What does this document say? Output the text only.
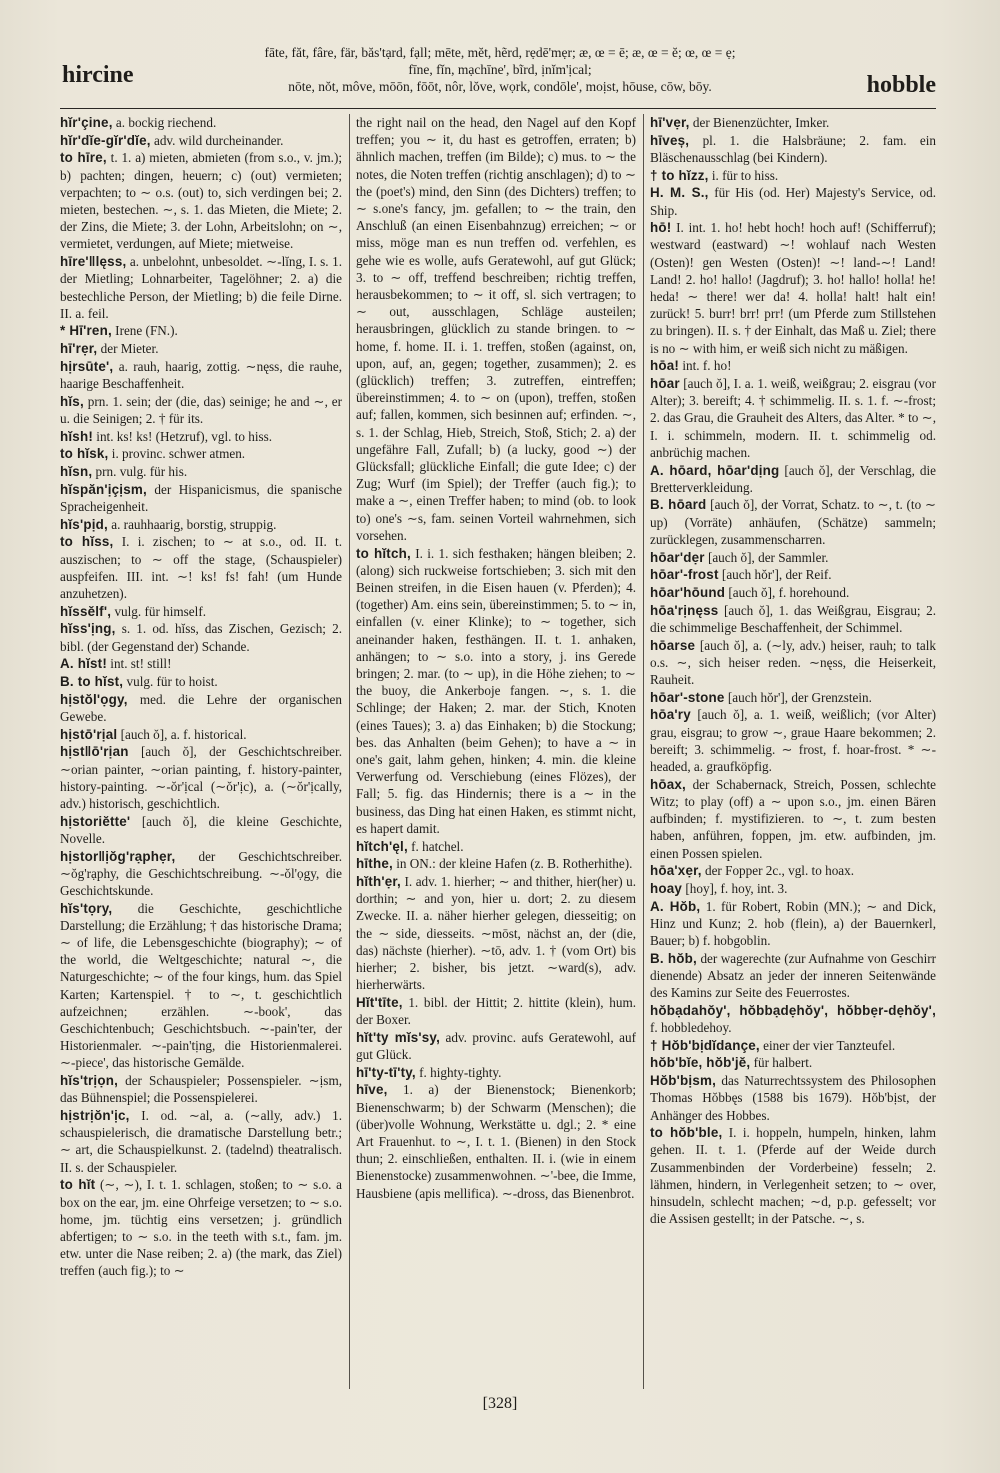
hircine
fāte, făt, fâre, fär, băs'tạrd, fạll; mēte, mĕt, hẽrd, rẹdē'mẹr; æ, œ = ē; æ, œ = ĕ; œ, œ = ẹ;
fīne, fĭn, mạchīne', bĩrd, ịnĭm'ịcal;
nōte, nŏt, môve, mōōn, fōōt, nôr, lŏve, wọrk, condōle', moịst, hōuse, cōw, bōy.	hobble
hĭr'çine, a. bockig riechend.
hĭr'dĭe-gĭr'dĭe, adv. wild durcheinander.
to hīre, t. 1. a) mieten, abmieten (from s.o., v. jm.); b) pachten; dingen, heuern; c) (out) vermieten; verpachten; to ∼ o.s. (out) to, sich verdingen bei; 2. mieten, bestechen. ∼, s. 1. das Mieten, die Miete; 2. der Zins, die Miete; 3. der Lohn, Arbeitslohn; on ∼, vermietet, verdungen, auf Miete; mietweise.
hīre'‖lęss, a. unbelohnt, unbesoldet. ∼-lĭng, I. s. 1. der Mietling; Lohnarbeiter, Tagelöhner; 2. a) die bestechliche Person, der Mietling; b) die feile Dirne. II. a. feil.
* Hī'ren, Irene (FN.).
hī'rẹr, der Mieter.
hịrsūte', a. rauh, haarig, zottig. ∼nęss, die rauhe, haarige Beschaffenheit.
hĭs, prn. 1. sein; der (die, das) seinige; he and ∼, er u. die Seinigen; 2. † für its.
hĭsh! int. ks! ks! (Hetzruf), vgl. to hiss.
to hĭsk, i. provinc. schwer atmen.
hĭsn, prn. vulg. für his.
hĭspăn'ịçịsm, der Hispanicismus, die spanische Spracheigenheit.
hĭs'pịd, a. rauhhaarig, borstig, struppig.
to hĭss, I. i. zischen; to ∼ at s.o., od. II. t. auszischen; to ∼ off the stage, (Schauspieler) auspfeifen. III. int. ∼! ks! fs! fah! (um Hunde anzuhetzen).
hĭssĕlf', vulg. für himself.
hĭss'ịng, s. 1. od. hĭss, das Zischen, Gezisch; 2. bibl. (der Gegenstand der) Schande.
A. hĭst! int. st! still!
B. to hĭst, vulg. für to hoist.
hịstŏl'ọgy, med. die Lehre der organischen Gewebe.
hịstō'rịal [auch ŏ], a. f. historical.
hịst‖ō'rịan [auch ŏ], der Geschichtschreiber. ∼orian painter, ∼orian painting, f. history-painter, history-painting. ∼-ŏr'ịcal (∼ŏr'ịc), a. (∼ŏr'ịcally, adv.) historisch, geschichtlich.
hịstoriĕtte' [auch ŏ], die kleine Geschichte, Novelle.
hịstor‖ịŏg'rạphẹr, der Geschichtschreiber. ∼ŏg'rạphy, die Geschichtschreibung. ∼-ŏl'ọgy, die Geschichtskunde.
hĭs'tọry, die Geschichte, geschichtliche Darstellung; die Erzählung; † das historische Drama; ∼ of life, die Lebensgeschichte (biography); ∼ of the world, die Weltgeschichte; natural ∼, die Naturgeschichte; ∼ of the four kings, hum. das Spiel Karten; Kartenspiel. † to ∼, t. geschichtlich aufzeichnen; erzählen. ∼-book', das Geschichtenbuch; Geschichtsbuch. ∼-pain'ter, der Historienmaler. ∼-pain'tịng, die Historienmalerei. ∼-piece', das historische Gemälde.
hĭs'trịọn, der Schauspieler; Possenspieler. ∼ịsm, das Bühnenspiel; die Possenspielerei.
hịstrịŏn'ịc, I. od. ∼al, a. (∼ally, adv.) 1. schauspielerisch, die dramatische Darstellung betr.; ∼ art, die Schauspielkunst. 2. (tadelnd) theatralisch. II. s. der Schauspieler.
to hĭt (∼, ∼), I. t. 1. schlagen, stoßen; to ∼ s.o. a box on the ear, jm. eine Ohrfeige versetzen; to ∼ s.o. home, jm. tüchtig eins versetzen; j. gründlich abfertigen; to ∼ s.o. in the teeth with s.t., fam. jm. etw. unter die Nase reiben; 2. a) (the mark, das Ziel) treffen (auch fig.); to ∼
the right nail on the head, den Nagel auf den Kopf treffen; you ∼ it, du hast es getroffen, erraten; b) ähnlich machen, treffen (im Bilde); c) mus. to ∼ the notes, die Noten treffen (richtig anschlagen); d) to ∼ the (poet's) mind, den Sinn (des Dichters) treffen; to ∼ s.one's fancy, jm. gefallen; to ∼ the train, den Anschluß (an einen Eisenbahnzug) erreichen; ∼ or miss, möge man es nun treffen od. verfehlen, es gehe wie es wolle, aufs Geratewohl, auf gut Glück; 3. to ∼ off, treffend beschreiben; richtig treffen, herausbekommen; to ∼ it off, sl. sich vertragen; to ∼ out, ausschlagen, Schläge austeilen; herausbringen, glücklich zu stande bringen. to ∼ home, f. home. II. i. 1. treffen, stoßen (against, on, upon, auf, an, gegen; together, zusammen); 2. es (glücklich) treffen; 3. zutreffen, eintreffen; übereinstimmen; 4. to ∼ on (upon), treffen, stoßen auf; fallen, kommen, sich besinnen auf; erfinden. ∼, s. 1. der Schlag, Hieb, Streich, Stoß, Stich; 2. a) der ungefähre Fall, Zufall; b) (a lucky, good ∼) der Glücksfall; glückliche Einfall; die gute Idee; c) der Zug; Wurf (im Spiel); der Treffer (auch fig.); to make a ∼, einen Treffer haben; to mind (ob. to look to) one's ∼s, fam. seinen Vorteil wahrnehmen, sich vorsehen.
to hĭtch, I. i. 1. sich festhaken; hängen bleiben; 2. (along) sich ruckweise fortschieben; 3. sich mit den Beinen streifen, in die Eisen hauen (v. Pferden); 4. (together) Am. eins sein, übereinstimmen; 5. to ∼ in, einfallen (v. einer Klinke); to ∼ together, sich aneinander haken, festhängen. II. t. 1. anhaken, anhängen; to ∼ s.o. into a story, j. ins Gerede bringen; 2. mar. (to ∼ up), in die Höhe ziehen; to ∼ the buoy, die Ankerboje fangen. ∼, s. 1. die Schlinge; der Haken; 2. mar. der Stich, Knoten (eines Taues); 3. a) das Einhaken; b) die Stockung; bes. das Anhalten (beim Gehen); to have a ∼ in one's gait, lahm gehen, hinken; 4. min. die kleine Verwerfung od. Verschiebung (eines Flözes), der Fall; 5. fig. das Hindernis; there is a ∼ in the business, das Ding hat einen Haken, es stimmt nicht, es hapert damit.
hĭtch'ęl, f. hatchel.
hīthe, in ON.: der kleine Hafen (z. B. Rotherhithe).
hĭth'ẹr, I. adv. 1. hierher; ∼ and thither, hier(her) u. dorthin; ∼ and yon, hier u. dort; 2. zu diesem Zwecke. II. a. näher hierher gelegen, diesseitig; on the ∼ side, diesseits. ∼mōst, nächst an, der (die, das) nächste (hierher). ∼tō, adv. 1. † (vom Ort) bis hierher; 2. bisher, bis jetzt. ∼ward(s), adv. hierherwärts.
Hĭt'tīte, 1. bibl. der Hittit; 2. hittite (klein), hum. der Boxer.
hĭt'ty mĭs'sy, adv. provinc. aufs Geratewohl, auf gut Glück.
hī'ty-tī'ty, f. highty-tighty.
hīve, 1. a) der Bienenstock; Bienenkorb; Bienenschwarm; b) der Schwarm (Menschen); die (über)volle Wohnung, Werkstätte u. dgl.; 2. * eine Art Frauenhut. to ∼, I. t. 1. (Bienen) in den Stock thun; 2. einschließen, enthalten. II. i. (wie in einem Bienenstocke) zusammenwohnen. ∼'-bee, die Imme, Hausbiene (apis mellifica). ∼-dross, das Bienenbrot.
hī'vẹr, der Bienenzüchter, Imker.
hīveș, pl. 1. die Halsbräune; 2. fam. ein Bläschenausschlag (bei Kindern).
† to hĭzz, i. für to hiss.
H. M. S., für His (od. Her) Majesty's Service, od. Ship.
hō! I. int. 1. ho! hebt hoch! hoch auf! (Schifferruf); westward (eastward) ∼! wohlauf nach Westen (Osten)! gen Westen (Osten)! ∼! land-∼! Land! Land! 2. ho! hallo! (Jagdruf); 3. ho! hallo! holla! he! heda! ∼ there! wer da! 4. holla! halt! halt ein! zurück! 5. burr! brr! prr! (um Pferde zum Stillstehen zu bringen). II. s. † der Einhalt, das Maß u. Ziel; there is no ∼ with him, er weiß sich nicht zu mäßigen.
hōa! int. f. ho!
hōar [auch ŏ], I. a. 1. weiß, weißgrau; 2. eisgrau (vor Alter); 3. bereift; 4. † schimmelig. II. s. 1. f. ∼-frost; 2. das Grau, die Grauheit des Alters, das Alter. * to ∼, I. i. schimmeln, modern. II. t. schimmelig od. anbrüchig machen.
A. hōard, hōar'dịng [auch ŏ], der Verschlag, die Bretterverkleidung.
B. hōard [auch ŏ], der Vorrat, Schatz. to ∼, t. (to ∼ up) (Vorräte) anhäufen, (Schätze) sammeln; zurücklegen, zusammenscharren.
hōar'dẹr [auch ŏ], der Sammler.
hōar'-frost [auch hŏr'], der Reif.
hōar'hōund [auch ŏ], f. horehound.
hōa'rịnęss [auch ŏ], 1. das Weißgrau, Eisgrau; 2. die schimmelige Beschaffenheit, der Schimmel.
hōarse [auch ŏ], a. (∼ly, adv.) heiser, rauh; to talk o.s. ∼, sich heiser reden. ∼nęss, die Heiserkeit, Rauheit.
hōar'-stone [auch hŏr'], der Grenzstein.
hōa'ry [auch ŏ], a. 1. weiß, weißlich; (vor Alter) grau, eisgrau; to grow ∼, graue Haare bekommen; 2. bereift; 3. schimmelig. ∼ frost, f. hoar-frost. * ∼-headed, a. graufköpfig.
hōax, der Schabernack, Streich, Possen, schlechte Witz; to play (off) a ∼ upon s.o., jm. einen Bären aufbinden; f. mystifizieren. to ∼, t. zum besten haben, anführen, foppen, jm. etw. aufbinden, jm. einen Possen spielen.
hōa'xẹr, der Fopper 2c., vgl. to hoax.
hoay [hoy], f. hoy, int. 3.
A. Hŏb, 1. für Robert, Robin (MN.); ∼ and Dick, Hinz und Kunz; 2. hob (flein), a) der Bauernkerl, Bauer; b) f. hobgoblin.
B. hŏb, der wagerechte (zur Aufnahme von Geschirr dienende) Absatz an jeder der inneren Seitenwände des Kamins zur Seite des Feuerrostes.
hŏbạdahŏy', hŏbbạdẹhŏy', hŏbbẹr-dẹhŏy', f. hobbledehoy.
† Hŏb'bịdĭdançe, einer der vier Tanzteufel.
hŏb'bĭe, hŏb'jĕ, für halbert.
Hŏb'bịsm, das Naturrechtssystem des Philosophen Thomas Hŏbbęs (1588 bis 1679). Hŏb'bịst, der Anhänger des Hobbes.
to hŏb'ble, I. i. hoppeln, humpeln, hinken, lahm gehen. II. t. 1. (Pferde auf der Weide durch Zusammenbinden der Vorderbeine) fesseln; 2. lähmen, hindern, in Verlegenheit setzen; to ∼ over, hinsudeln, schlecht machen; ∼d, p.p. gefesselt; vor die Assisen gestellt; in der Patsche. ∼, s.
[328]
